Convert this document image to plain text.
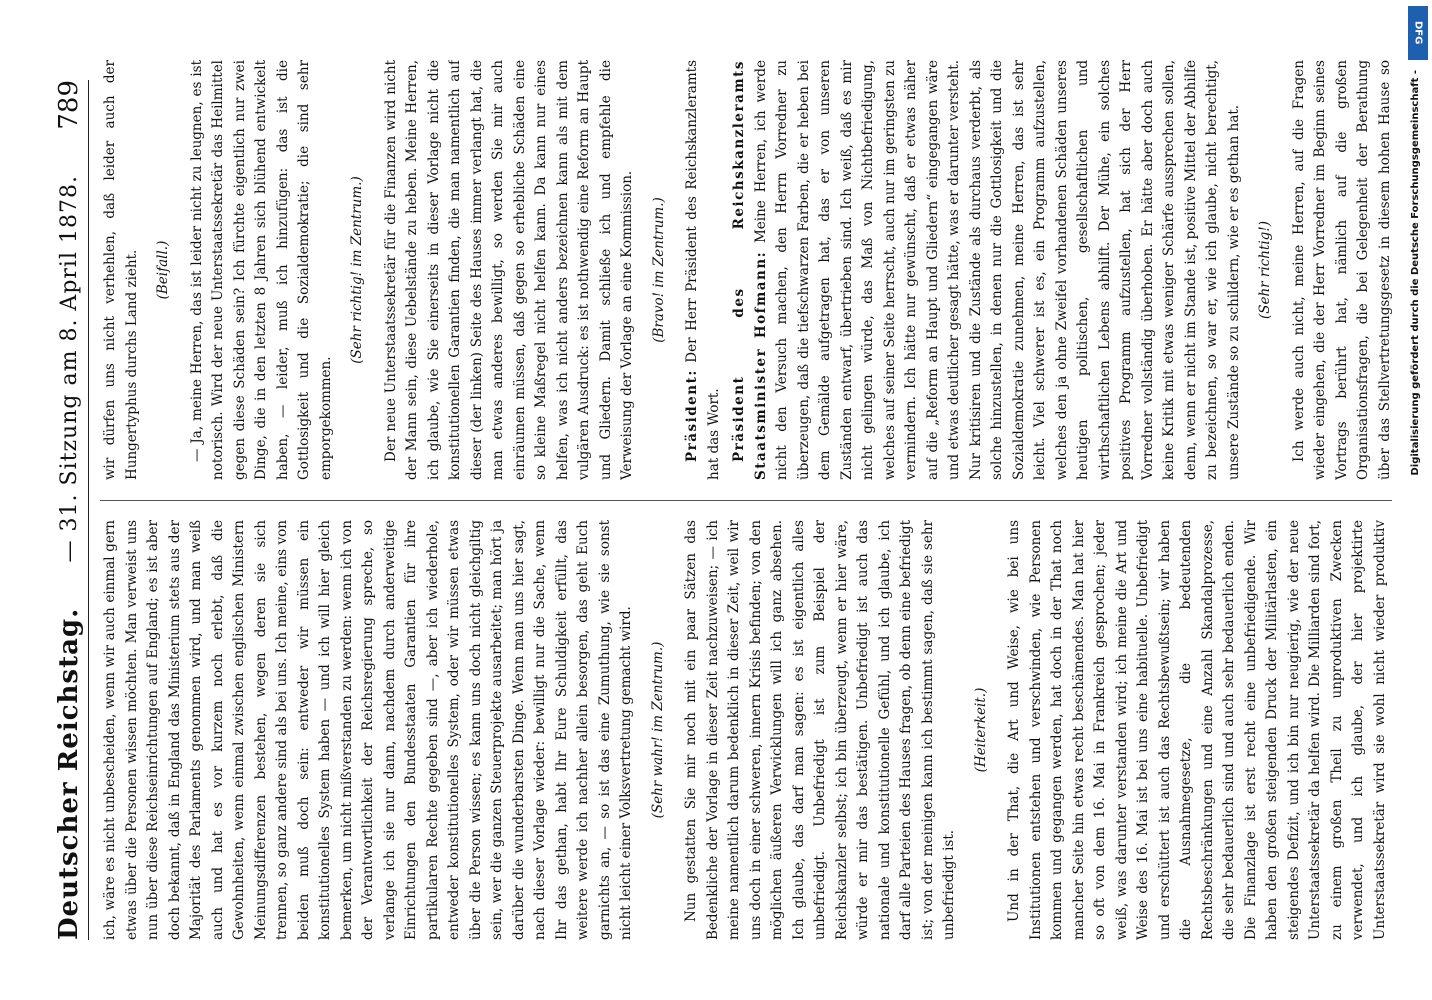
Deutscher Reichstag.
— 31. Sitzung am 8. April 1878.
789

ich, wäre es nicht unbescheiden, wenn wir auch einmal gern etwas über die Personen wissen möchten. Man verweist uns nun über diese Reichseinrichtungen auf England; es ist aber doch bekannt, daß in England das Ministerium stets aus der Majorität des Parlaments genommen wird, und man weiß auch und hat es vor kurzem noch erlebt, daß die Gewohnheiten, wenn einmal zwischen englischen Ministern Meinungsdifferenzen bestehen, wegen deren sie sich trennen, so ganz andere sind als bei uns. Ich meine, eins von beiden muß doch sein: entweder wir müssen ein konstitutionelles System haben — und ich will hier gleich bemerken, um nicht mißverstanden zu werden: wenn ich von der Verantwortlichkeit der Reichsregierung spreche, so verlange ich sie nur dann, nachdem durch anderweitige Einrichtungen den Bundesstaaten Garantien für ihre partikularen Rechte gegeben sind —, aber ich wiederhole, entweder konstitutionelles System, oder wir müssen etwas über die Person wissen; es kann uns doch nicht gleichgiltig sein, wer die ganzen Steuerprojekte ausarbeitet; man hört ja darüber die wunderbarsten Dinge. Wenn man uns hier sagt, nach dieser Vorlage wieder: bewilligt nur die Sache, wenn Ihr das gethan, habt Ihr Eure Schuldigkeit erfüllt, das weitere werde ich nachher allein besorgen, das geht Euch garnichts an, — so ist das eine Zumuthung, wie sie sonst nicht leicht einer Volksvertretung gemacht wird. (Sehr wahr! im Zentrum.) Nun gestatten Sie mir noch mit ein paar Sätzen das Bedenkliche der Vorlage in dieser Zeit nachzuweisen; — ich meine namentlich darum bedenklich in dieser Zeit, weil wir uns doch in einer schweren, innern Krisis befinden; von den möglichen äußeren Verwicklungen will ich ganz absehen. Ich glaube, das darf man sagen: es ist eigentlich alles unbefriedigt. Unbefriedigt ist zum Beispiel der Reichskanzler selbst; ich bin überzeugt, wenn er hier wäre, würde er mir das bestätigen. Unbefriedigt ist auch das nationale und konstitutionelle Gefühl, und ich glaube, ich darf alle Parteien des Hauses fragen, ob denn eine befriedigt ist; von der meinigen kann ich bestimmt sagen, daß sie sehr unbefriedigt ist.

(Heiterkeit.)

Und in der That, die Art und Weise, wie bei uns Institutionen entstehen und verschwinden, wie Personen kommen und gegangen werden, hat doch in der That noch mancher Seite hin etwas recht beschämendes. Man hat hier so oft von dem 16. Mai in Frankreich gesprochen; jeder weiß, was darunter verstanden wird; ich meine die Art und Weise des 16. Mai ist bei uns eine habituelle. Unbefriedigt und erschüttert ist auch das Rechtsbewußtsein; wir haben die Ausnahmegesetze, die bedeutenden Rechtsbeschränkungen und eine Anzahl Skandalprozesse, die sehr bedauerlich sind und auch sehr bedauerlich enden. Die Finanzlage ist erst recht eine unbefriedigende. Wir haben den großen steigenden Druck der Militärlasten, ein steigendes Defizit, und ich bin nur neugierig, wie der neue Unterstaatssekretär da helfen wird. Die Milliarden sind fort, zu einem großen Theil zu unproduktiven Zwecken verwendet, und ich glaube, der hier projektirte Unterstaatssekretär wird sie wohl nicht wieder produktiv

wir dürfen uns nicht verhehlen, daß leider auch der Hungertyphus durchs Land zieht. (Beifall.) — Ja, meine Herren, das ist leider nicht zu leugnen, es ist notorisch. Wird der neue Unterstaatssekretär das Heilmittel gegen diese Schäden sein? Ich fürchte eigentlich nur zwei Dinge, die in den letzten 8 Jahren sich blühend entwickelt haben, — leider, muß ich hinzufügen: das ist die Gottlosigkeit und die Sozialdemokratie; die sind sehr emporgekommen.

(Sehr richtig! im Zentrum.) Der neue Unterstaatssekretär für die Finanzen wird nicht der Mann sein, diese Uebelstände zu heben. Meine Herren, ich glaube, wie Sie einerseits in dieser Vorlage nicht die konstitutionellen Garantien finden, die man namentlich auf dieser (der linken) Seite des Hauses immer verlangt hat, die man etwas anderes bewilligt, so werden Sie mir auch einräumen müssen, daß gegen so erhebliche Schäden eine so kleine Maßregel nicht helfen kann. Da kann nur eines helfen, was ich nicht anders bezeichnen kann als mit dem vulgären Ausdruck: es ist nothwendig eine Reform an Haupt und Gliedern. Damit schließe ich und empfehle die Verweisung der Vorlage an eine Kommission. (Bravo! im Zentrum.)

Präsident: Der Herr Präsident des Reichskanzleramts hat das Wort. Präsident des Reichskanzleramts Staatsminister Hofmann: Meine Herren, ich werde nicht den Versuch machen, den Herrn Vorredner zu überzeugen, daß die tiefschwarzen Farben, die er heben bei dem Gemälde aufgetragen hat, das er von unseren Zuständen entwarf, übertrieben sind. Ich weiß, daß es mir nicht gelingen würde, das Maß von Nichtbefriedigung, welches auf seiner Seite herrscht, auch nur im geringsten zu vermindern. Ich hätte nur gewünscht, daß er etwas näher auf die „Reform an Haupt und Gliedern“ eingegangen wäre und etwas deutlicher gesagt hätte, was er darunter versteht. Nur kritisiren und die Zustände als durchaus verderbt, als solche hinzustellen, in denen nur die Gottlosigkeit und die Sozialdemokratie zunehmen, meine Herren, das ist sehr leicht. Viel schwerer ist es, ein Programm aufzustellen, welches den ja ohne Zweifel vorhandenen Schäden unseres heutigen politischen, gesellschaftlichen und wirthschaftlichen Lebens abhilft. Der Mühe, ein solches positives Programm aufzustellen, hat sich der Herr Vorredner vollständig überhoben. Er hätte aber doch auch keine Kritik mit etwas weniger Schärfe aussprechen sollen, denn, wenn er nicht im Stande ist, positive Mittel der Abhilfe zu bezeichnen, so war er, wie ich glaube, nicht berechtigt, unsere Zustände so zu schildern, wie er es gethan hat. (Sehr richtig!)

Ich werde auch nicht, meine Herren, auf die Fragen wieder eingehen, die der Herr Vorredner im Beginn seines Vortrags berührt hat, nämlich auf die großen Organisationsfragen, die bei Gelegenheit der Berathung über das Stellvertretungsgesetz in diesem hohen Hause so

Digitalisierung gefördert durch die Deutsche Forschungsgemeinschaft -
DFG
